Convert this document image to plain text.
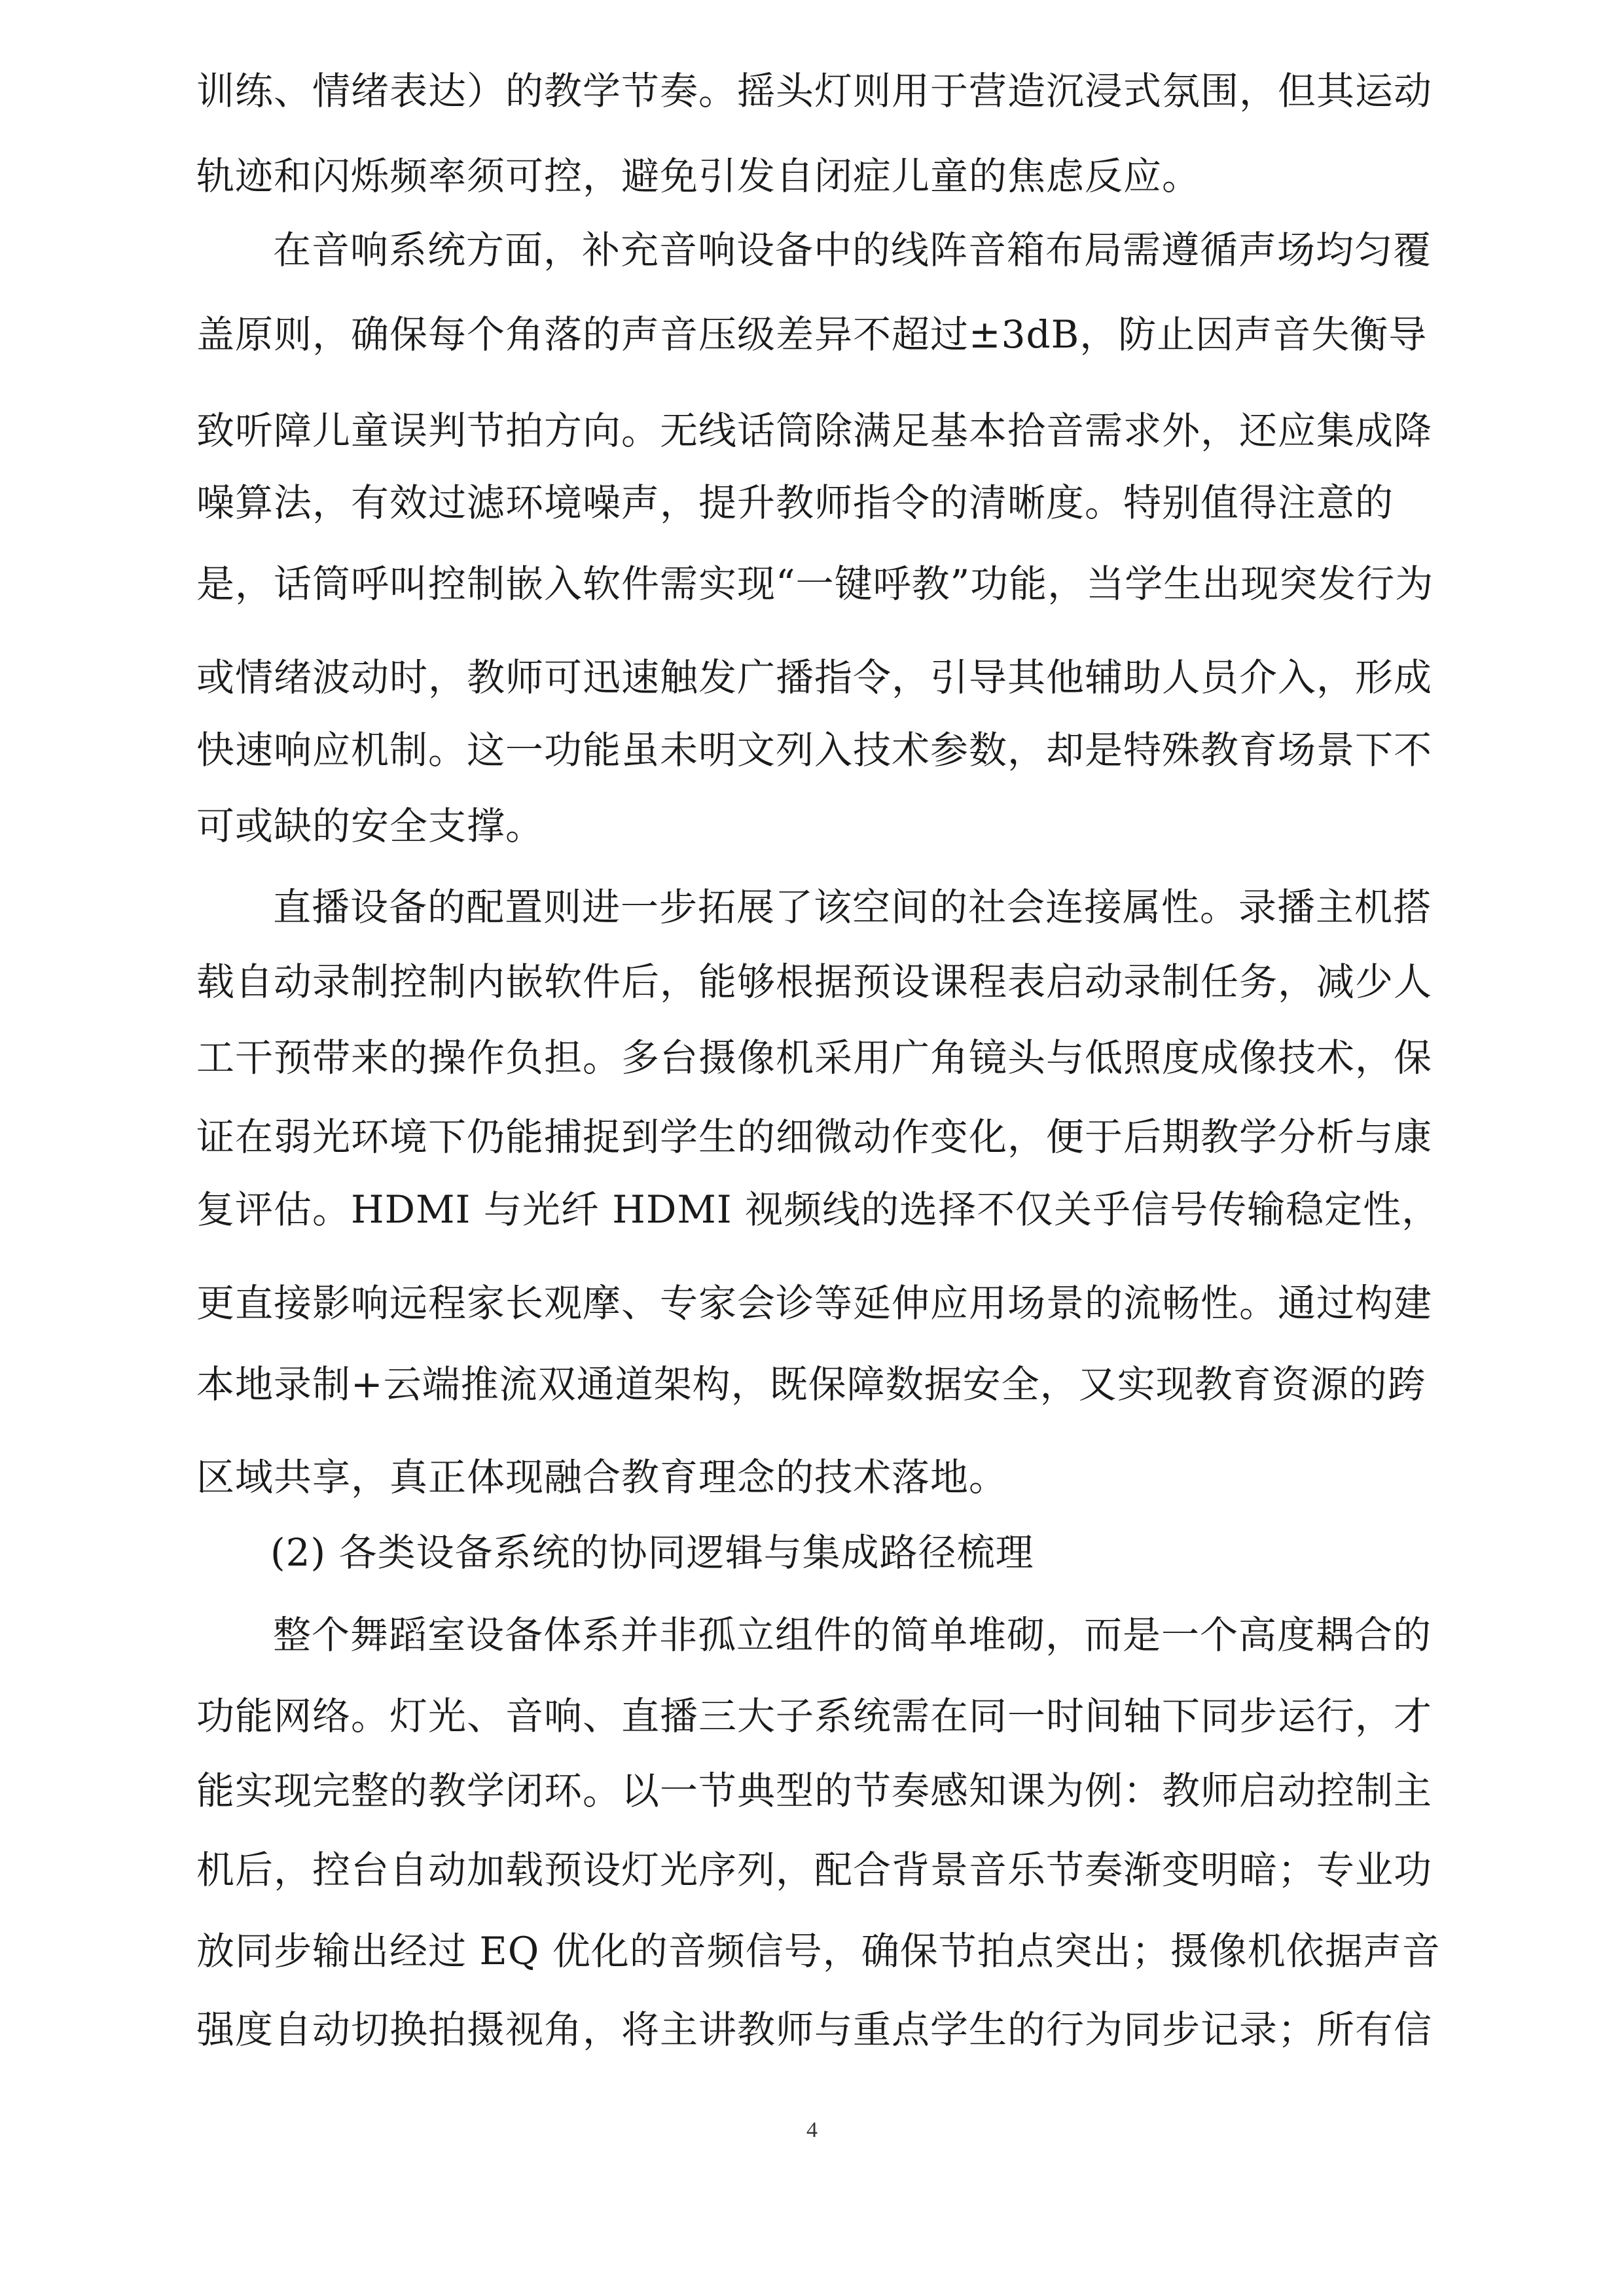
训练、情绪表达）的教学节奏。摇头灯则用于营造沉浸式氛围，但其运动
轨迹和闪烁频率须可控，避免引发自闭症儿童的焦虑反应。
在音响系统方面，补充音响设备中的线阵音箱布局需遵循声场均匀覆
盖原则，确保每个角落的声音压级差异不超过±3dB，防止因声音失衡导
致听障儿童误判节拍方向。无线话筒除满足基本拾音需求外，还应集成降
噪算法，有效过滤环境噪声，提升教师指令的清晰度。特别值得注意的
是，话筒呼叫控制嵌入软件需实现“一键呼教”功能，当学生出现突发行为
或情绪波动时，教师可迅速触发广播指令，引导其他辅助人员介入，形成
快速响应机制。这一功能虽未明文列入技术参数，却是特殊教育场景下不
可或缺的安全支撑。
直播设备的配置则进一步拓展了该空间的社会连接属性。录播主机搭
载自动录制控制内嵌软件后，能够根据预设课程表启动录制任务，减少人
工干预带来的操作负担。多台摄像机采用广角镜头与低照度成像技术，保
证在弱光环境下仍能捕捉到学生的细微动作变化，便于后期教学分析与康
复评估。HDMI 与光纤 HDMI 视频线的选择不仅关乎信号传输稳定性，
更直接影响远程家长观摩、专家会诊等延伸应用场景的流畅性。通过构建
本地录制+云端推流双通道架构，既保障数据安全，又实现教育资源的跨
区域共享，真正体现融合教育理念的技术落地。
(2) 各类设备系统的协同逻辑与集成路径梳理
整个舞蹈室设备体系并非孤立组件的简单堆砌，而是一个高度耦合的
功能网络。灯光、音响、直播三大子系统需在同一时间轴下同步运行，才
能实现完整的教学闭环。以一节典型的节奏感知课为例：教师启动控制主
机后，控台自动加载预设灯光序列，配合背景音乐节奏渐变明暗；专业功
放同步输出经过 EQ 优化的音频信号，确保节拍点突出；摄像机依据声音
强度自动切换拍摄视角，将主讲教师与重点学生的行为同步记录；所有信
4
